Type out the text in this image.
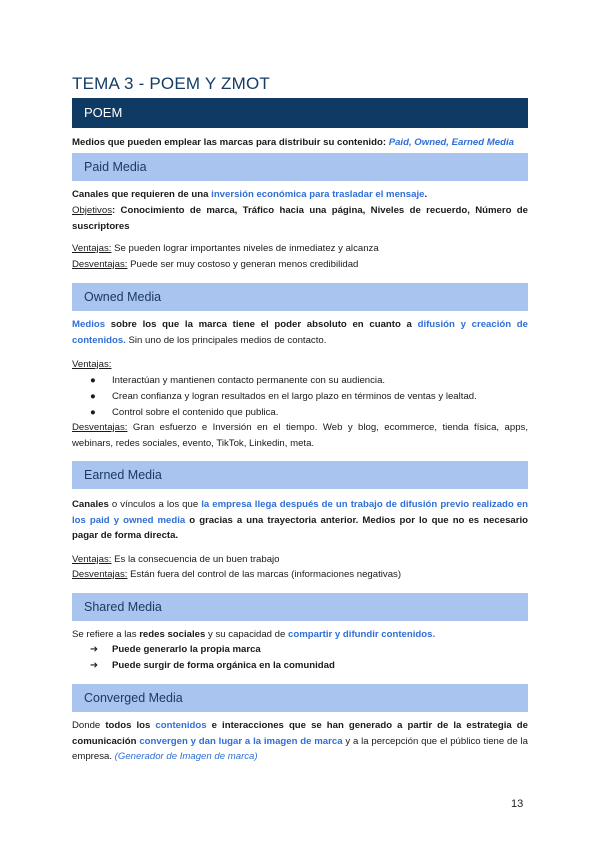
TEMA 3 - POEM Y ZMOT
POEM
Medios que pueden emplear las marcas para distribuir su contenido: Paid, Owned, Earned Media
Paid Media
Canales que requieren de una inversión económica para trasladar el mensaje.
Objetivos: Conocimiento de marca, Tráfico hacia una página, Niveles de recuerdo, Número de suscriptores
Ventajas: Se pueden lograr importantes niveles de inmediatez y alcanza
Desventajas: Puede ser muy costoso y generan menos credibilidad
Owned Media
Medios sobre los que la marca tiene el poder absoluto en cuanto a difusión y creación de contenidos. Sin uno de los principales medios de contacto.
Ventajas:
●	Interactúan y mantienen contacto permanente con su audiencia.
●	Crean confianza y logran resultados en el largo plazo en términos de ventas y lealtad.
●	Control sobre el contenido que publica.
Desventajas: Gran esfuerzo e Inversión en el tiempo. Web y blog, ecommerce, tienda física, apps, webinars, redes sociales, evento, TikTok, Linkedin, meta.
Earned Media
Canales o vínculos a los que la empresa llega después de un trabajo de difusión previo realizado en los paid y owned media o gracias a una trayectoria anterior. Medios por lo que no es necesario pagar de forma directa.
Ventajas: Es la consecuencia de un buen trabajo
Desventajas: Están fuera del control de las marcas (informaciones negativas)
Shared Media
Se refiere a las redes sociales y su capacidad de compartir y difundir contenidos.
➔	Puede generarlo la propia marca
➔	Puede surgir de forma orgánica en la comunidad
Converged Media
Donde todos los contenidos e interacciones que se han generado a partir de la estrategia de comunicación convergen y dan lugar a la imagen de marca y a la percepción que el público tiene de la empresa. (Generador de Imagen de marca)
13
